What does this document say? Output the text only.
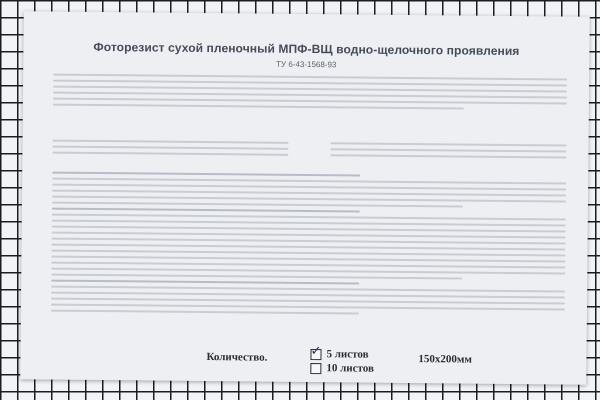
Фоторезист сухой пленочный МПФ-ВЩ водно-щелочного проявления
ТУ 6-43-1568-93
Количество.	✓ 5 листов
10 листов
150x200мм
